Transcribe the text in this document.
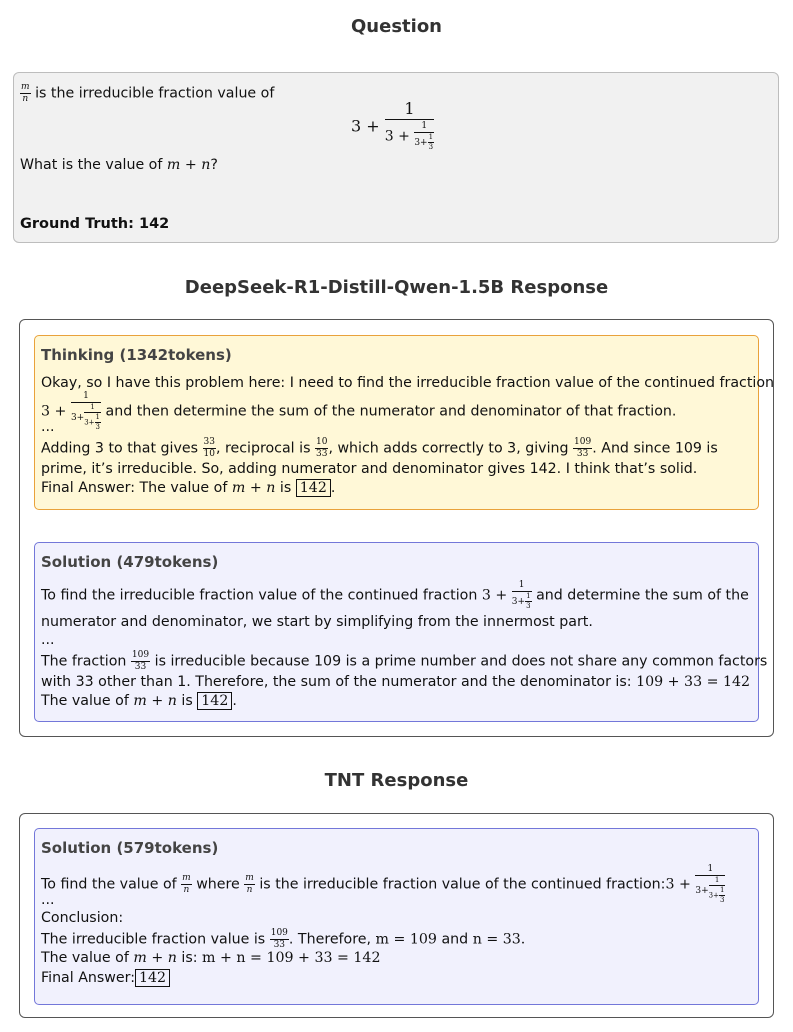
Question
$\frac{m}{n}$ is the irreducible fraction value of
$3 + \frac{1}{3 + \frac{1}{3+ \frac{1}{3}}}$
What is the value of m + n?
Ground Truth: 142
DeepSeek-R1-Distill-Qwen-1.5B Response
Thinking (1342tokens)
Okay, so I have this problem here: I need to find the irreducible fraction value of the continued fraction
$3 + \frac{1}{3+ \frac{1}{3+ \frac{1}{3}}}$ and then determine the sum of the numerator and denominator of that fraction.
...
Adding 3 to that gives $\frac{33}{10}$ , reciprocal is $\frac{10}{33}$ , which adds correctly to 3, giving $\frac{109}{33}$ . And since 109 is
prime, it’s irreducible. So, adding numerator and denominator gives 142. I think that’s solid.
Final Answer: The value of m + n is 142 .
Solution (479tokens)
To find the irreducible fraction value of the continued fraction $3 + \frac{1}{3+ \frac{1}{3}}$ and determine the sum of the
numerator and denominator, we start by simplifying from the innermost part.
...
The fraction $\frac{109}{33}$ is irreducible because 109 is a prime number and does not share any common factors
with 33 other than 1. Therefore, the sum of the numerator and the denominator is: 109 + 33 = 142
The value of m + n is 142 .
TNT Response
Solution (579tokens)
To find the value of $\frac{m}{n}$ where $\frac{m}{n}$ is the irreducible fraction value of the continued fraction:3 + $\frac{1}{3+ \frac{1}{3+ \frac{1}{3}}}$
...
Conclusion:
The irreducible fraction value is $\frac{109}{33}$ . Therefore, m = 109 and n = 33.
The value of m + n is: m + n = 109 + 33 = 142
Final Answer: 142
